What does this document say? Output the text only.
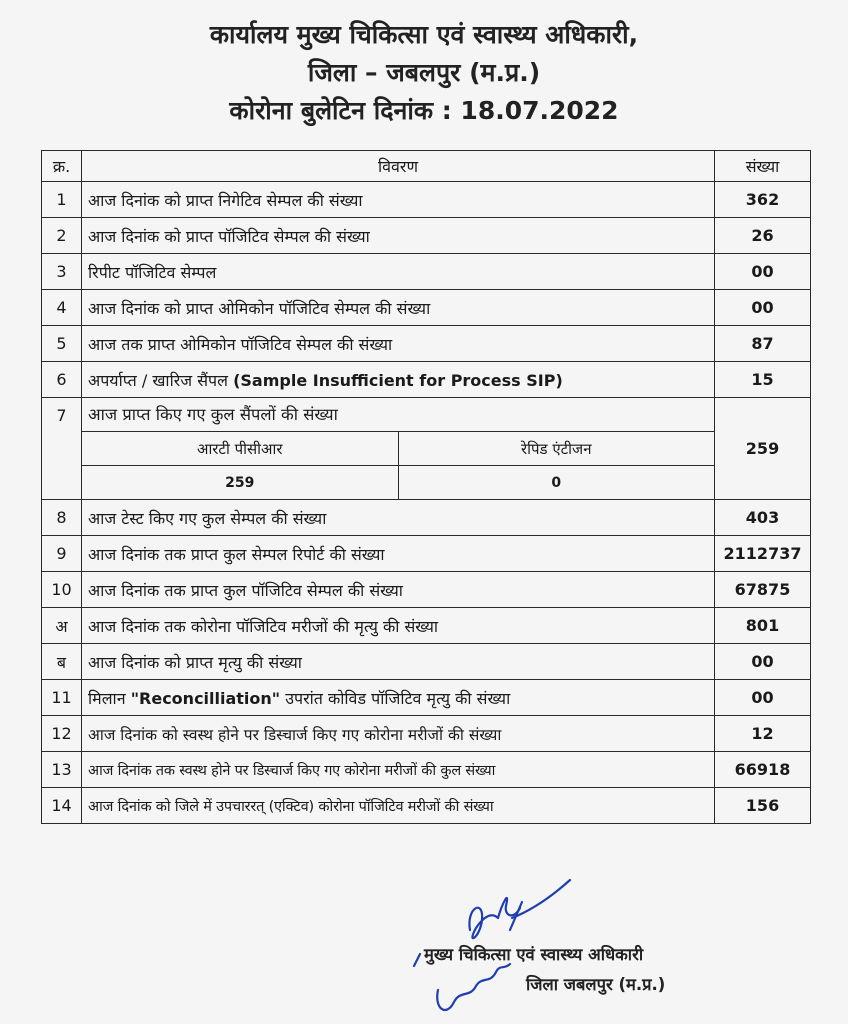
कार्यालय मुख्य चिकित्सा एवं स्वास्थ्य अधिकारी,
जिला – जबलपुर (म.प्र.)
कोरोना बुलेटिन दिनांक : 18.07.2022
क्र.	विवरण	संख्या
1	आज दिनांक को प्राप्त निगेटिव सेम्पल की संख्या	362
2	आज दिनांक को प्राप्त पॉजिटिव सेम्पल की संख्या	26
3	रिपीट पॉजिटिव सेम्पल	00
4	आज दिनांक को प्राप्त ओमिकोन पॉजिटिव सेम्पल की संख्या	00
5	आज तक प्राप्त ओमिकोन पॉजिटिव सेम्पल की संख्या	87
6	अपर्याप्त / खारिज सैंपल (Sample Insufficient for Process SIP)	15
7	आज प्राप्त किए गए कुल सैंपलों की संख्या
आरटी पीसीआर	रेपिड एंटीजन
259	0
	259
8	आज टेस्ट किए गए कुल सेम्पल की संख्या	403
9	आज दिनांक तक प्राप्त कुल सेम्पल रिपोर्ट की संख्या	2112737
10	आज दिनांक तक प्राप्त कुल पॉजिटिव सेम्पल की संख्या	67875
अ	आज दिनांक तक कोरोना पॉजिटिव मरीजों की मृत्यु की संख्या	801
ब	आज दिनांक को प्राप्त मृत्यु की संख्या	00
11	मिलान "Reconcilliation" उपरांत कोविड पॉजिटिव मृत्यु की संख्या	00
12	आज दिनांक को स्वस्थ होने पर डिस्चार्ज किए गए कोरोना मरीजों की संख्या	12
13	आज दिनांक तक स्वस्थ होने पर डिस्चार्ज किए गए कोरोना मरीजों की कुल संख्या	66918
14	आज दिनांक को जिले में उपचाररत् (एक्टिव) कोरोना पॉजिटिव मरीजों की संख्या	156
मुख्य चिकित्सा एवं स्वास्थ्य अधिकारी
जिला जबलपुर (म.प्र.)
